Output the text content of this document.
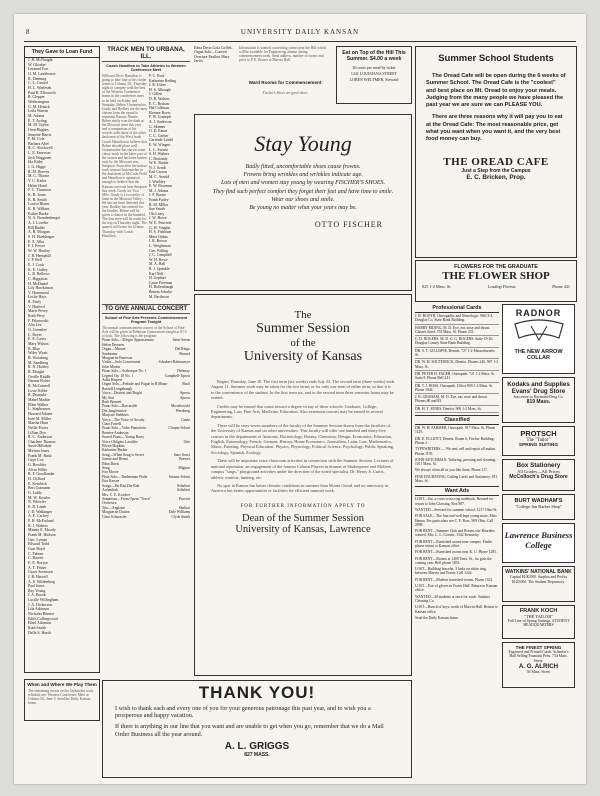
8	UNIVERSITY DAILY KANSAN
They Gave to Loan Fund
J. R. McNaught
W. Gloaker
Leonard Fort
O. M. Lautthouse
K. Denning
C. L. Custed
H. L. Warlesek
Paul B. Ellsworth
R. Clepper
Wetherington
G. M. Hetrick
Leila Warren
M. Adams
E. T. Acting
M. M. Taylor
Oren Hughes
Jennette Harris
P. M. Cole
Barbara Abel
R. C. Stockwell
L. E. Emerson
Jack Waggoner
Ida Kirby
J. G. Higgs
R. M. Reeves
M. C. Thorne
V. C. Kisler
Helen Hand
F. C. Thomson
K. R. Jones
K. R. Smith
Louise Blaser
K. R. Wilkins
Esther Burke
N. A. Brandenberger
A. J. Lovelin
Bill Budde
A. R. Morgan
S. H. Hoehlinger
E. E. Alba
F. I. Power
W. W. Hartley
J. R. Hemphill
J. F. Bell
E. J. Cook
K. E. Gulley
L. R. Bellows
C. Higgason
H. McDaniel
Lily Hawkinson
V. Hammond
Leslie Hays
R. Pusly
V. Harford
Marie Pevey
Ruth Perry
F. Pilarowski
Alta Lee
O. Greenlee
L. Royer
E. E. Casey
Mary Wilson
B. Blue
Wiley Wyatt
B. Woodring
M. Sandberg
R. N. Hartley
R. Ebright
Orville Riddle
Naoma Fisher
R. McConnell
Lowe Keller
R. Dismuke
Mabel Markle
Ellen Walker
L. Stephenson
Howard Adams
Ione M. Miller
Martha Hunt
Nellie Porter
Lillian Dye
R. C. Anderson
Charlene Thomas
Susie Hillsdale
Miriam Jones
Frank M. Rush
Gaye Cox
G. Bowlder
Alvin Hiller
B. F. Goodlander
D. Clifford
E. Kendrick
Bert Gutmann
G. Liddy
M. W. Kessler
N. Wheeler
E. R. Lamb
J. D. Walkinger
A. E. Carlsey
F. H. McFarland
B. J. Walters
Minnie E. Moody
Frank M. Hodson
Geo. Lyman
Edward Todd
Gust Boyd
C. Palmer
C. Barrett
E. E. Norton
A. T. Fisher
Grace Sorensen
J. B. Harvell
A. S. Wildenberg
Paul Jones
Ray Young
J. A. Brook
Lucille Willingham
J. A. Dickerson
Lila Atkinson
Nicholas Bitener
Edith Collingwood
Ethel Atkinson
Ruth Smith
Della S. Hursh
When and Where We Play Them
The remaining events on the Jayhawker track schedule are: Western Conference Meet at Urbana, Ill., June 5. Send the Daily Kansan home.
TRACK MEN TO URBANA, ILL.
Coach Hamilton to Take Athletes to Western Conference Meet
William Oliver Hamilton is going to take four of his cinder artists to Urbana, Ill., Thursday night to compete with the best of the Western Conference teams in the conference meet to be held on Friday and Saturday. Bebee, Grutzmacher, Grady and Rodkey are the men chosen from the squad to represent Kansas. Bernie Bebee easily won the dash at the Missouri meet this year and a comparison of his records with those of the other dash men of the West leads Coach Hamilton to believe that Bebee should place well. Grutzmacher has shown some classy work in the latter part of the season and has been beaten only by the Missouri star, Simpson. Soon after the indoor track season Grutzmacher in the dual meet at McCook Field and Hamilton is optimistic enough to believe that the Kansan can even beat Simpson this week. Grady for Two Mile. Grady is a two miler of fame in the Missouri Valley. He has not been defeated this year. Rodkey has entered for the hurdles. Bebee will be given a chance in the hundred. The four men will be ready for the trip on Thursday night. The quartet will leave for Urbana Thursday with Coach Hamilton.
P. C. Pack
Katherine Reding
J. R. Usher
H. S. Albaugh
J. Gillett
D. R. Walters
E. C. Brokaw
Hal Coffman
Eleanor Byers
F. W. Graneph
A. J. Anderson
G. Skinner
O. D. Eaton
C. C. Gerber
Gertrude Leidel
E. W. Wingert
L. L. Swartz
S. H. Walters
C. Bottomly
W. E. Barber
N. J. Arndt
Earl Carson
M. C. Arnold
J. Weekley
E. W. Bowman
M. J. Adams
J. F. Boone
Frank Farley
R. M. Miller
Sue Smith
Ola Leary
J. W. Howe
W. E. Pencival
G. W. Vaughn
H. S. Fishburn
Mina Ojibas
I. R. Brown
L. Weightman
Geo. Palling
J. C. Campbell
W. H. Rowe
M. A. Hall
R. J. Sprinkle
Karl Nelt
H. Gephart
Grace Freeman
H. Hollenbaugh
Beneta Schultz
M. Bertleson
TO GIVE ANNUAL CONCERT
School of Fine Arts Presents Commencement Program Tonight
The annual commencement concert of the School of Fine Arts will be given in Robinson Gymnasium tonight at 8:15 o'clock. The following is the program:
Piano Solo—Allegro Appassionato	Saint-Saens
Helen Dearsen
Organ—Minuet	Del Riego
Sunbeams	Renard
Marguerite Emerson
Violin—Solo Concertante	Schubert-Rahmoeyer
John Martin
Piano Solo—Arabesque No. 1	Debussy
Legend Op. 10 No. 1	Campbell-Tipton
Adda Herpert
Organ Solo—Prelude and Fugue in B Minor	Bach
Russell Longabaugh
Voice—Dearest and Bright	Spross
My Star	Spross
Ruth Bennett
Piano Solo—Barcarolle	Moszkowski
Die Jungfernitze	Wernberg
Marjorie Stebbins
Voice—The Voice of Arcady	Gaule
Clara Fowell
Piano Solo—Valse Pianoforte	Chopin-Schutt
Berniee Anderson
Sacred Piano—Young Harry
Voice Obligato Lavallee	Otte
Eileen Hopkins
Katharine Barber
Song—When Song is Sweet	Sans Souci
Jonnie and Benni	Brewer
Edna Davis
Song	Mignon
Ivia Moore
Flute Solo—Timberman Waltz	Strauss-Schutt
Etta Karsoe
Songs—Du Bist Die Ruh	Schubert
Aufenthalt	Schubert
Mrs. C. E. Kotcher
Samaritan—From Opera "Tosca"	Puccini
Orchestra
Trio—Anglaise	Shelton
Marguerite Dutton	Dale Williams
Clara Schuessler	Clyde Smith
Edna Davis Gola Coffelt. Organ Solo—Concert Overture Faulkes Mary Jarvis
Ward Rooms for Commencement
Information is wanted concerning rooms near the Hill which will be available for Engineering alumni during commencement week. Send address, number of rooms and price to P. E. Reaser at Marvin Hall.
Fischer's Shoes are good shoes
Eat on Top of the Hill This Summer. $4.00 a week
26 cents per meal by ticket
1241 LOUISIANA STREET
LOREN WELTMER, Steward
Stay Young
Badly fitted, uncomfortable shoes cause frowns.
Frowns bring wrinkles and wrinkles indicate age.
Lots of men and women stay young by wearing FISCHER'S SHOES.
They find such perfect comfort they forget their feet and have time to smile.
Wear our shoes and smile.
Be young no matter what your years may be.
OTTO FISCHER
The
Summer Session
of the
University of Kansas
Begins Thursday, June 10. The first term (six weeks) ends July 22. The second term (three weeks) ends August 11. Summer work may be taken for the two terms or for only one term of either term, so that it is to the convenience of the student. In the first term six, and in the second term three semester hours may be earned.
Credits may be earned that count toward a degree in any of these schools: Graduate, College, Engineering, Law, Fine Arts, Medicine, Education. Also extension courses may be earned in several departments.
There will be sixty-seven members of the faculty of the Summer Session drawn from the faculties of the University of Kansas and six other universities. This faculty will offer one hundred and thirty-five courses in the departments of Anatomy, Bacteriology, Botany, Chemistry, Design, Economics, Education, English, Entomology, French, German, History, Home Economics, Journalism, Latin, Law, Mathematics, Music, Painting, Physical Education, Physics, Physiology, Political Science, Psychology, Public Speaking, Sociology, Spanish, Zoology.
There will be important extra-classroom activities in connection with the Summer Session. Lectures of national reputation, an engagement of the famous Coburn Players in dramas of Shakespeare and Moliere, campus "sings," playground activities under the direction of the noted specialist, Dr. Henry S. Curtis, athletic contests, hunting, etc.
No spot in Kansas has better climatic conditions in summer than Mount Oread, and no university in America has better opportunities or facilities for efficient summer work.
FOR FURTHER INFORMATION APPLY TO
Dean of the Summer Session
University of Kansas, Lawrence
THANK YOU!
I wish to thank each and every one of you for your generous patronage this past year, and to wish you a prosperous and happy vacation.
If there is anything in our line that you want and are unable to get when you go, remember that we do a Mail Order Business all the year around.
A. L. GRIGGS
827 MASS.
Summer School Students
The Oread Cafe will be open during the 6 weeks of Summer School. The Oread Cafe is the "coolest" and best place on Mt. Oread to enjoy your meals. Judging from the many people we have pleased the past year we are sure we can PLEASE YOU.
There are three reasons why it will pay you to eat at the Oread Cafe: The most reasonable price, get what you want when you want it, and the very best food money can buy.
THE OREAD CAFE
Just a Step from the Campus
E. C. Bricken, Prop.
FLOWERS FOR THE GRADUATE
THE FLOWER SHOP
825 1-2 Mass. St.	Leading Florists	Phone 441
Professional Cards
J. R. BOOTH, Osteopathic and Neurologic. Bell 3-4, Douglas Co. State Bank Building.
HARRY RIDING, M. D. Eye, ear, nose and throat. Glasses fitted. 733 Mass. St. Phone 231.
C. D. ROGERS, M. D. G. G. ROGERS. Suite 19-20, Douglas County State Bank Building.
DR. S. T. GILLISPIE, Dentist. 727 1-2 Massachusetts St.
DR. W. H. SOUTHWICK, Dentist. Phones 246. 907 1-2 Mass. St.
DR. PETER H. FAGER, Osteopath. 721 1-2 Mass. St. Suite 8. Phone Bell 241.
DR. T. J. BOSS, Osteopath. Office 809 1-2 Mass. St. Phone 1044.
J. R. GRAHAM, M. D. Eye, ear, nose and throat. Phones 80 and 83.
DR. H. T. JONES, Dentist. 900 1-2 Mass. St.
Classified
DR. W. H. FARMER, Osteopath. 917 Mass. St. Phone 1129.
DR. E. ELLIOTT, Dentist. Room 6, Fischer Building. Phone 2.
TYPEWRITERS — We rent, sell and repair all makes. Phone 1195.
JOHN KETCHMAN, Tailoring, pressing and cleaning. 1011 Mass. St.
We always clean all as you like them. Phone 117.
FINE ENGRAVING, Calling Cards and Stationery. 811 Mass. St.
Want Ads
LOST—Sat. a cross-cross ring notebook. Reward for return to John Glossing, Box 807.
WANTED—Steward for summer school, 1217 Ohio St.
FOR SALE—The fine and well kept young mare, Miss Hanna. For particulars see C. F. Ross, 909 Ohio. Call 2099.
FOR RENT—Summer Club and Rooms site Boarders wanted. Mrs. L. L. Gorsett, 1342 Kentucky.
FOR RENT—Furnished rooms near campus. Finder please return to Kansan office.
FOR RENT—Furnished rooms near K. U. Phone 1285.
FOR RENT—Rooms at 1400 Tenn. St., for girls the coming year. Bell phone 1853.
LOST—Building bracelet, 3 links on white ring, between Marvin and Fraser. Call 1224.
FOR RENT—Modern furnished rooms. Phone 1021.
LOST—Pair of gloves in Fraser Hall. Return to Kansan office.
WANTED—20 students at once for work. Sanitary Cleaning Co.
LOST—Bunch of keys, north of Marvin Hall. Return to Kansan office.
Send the Daily Kansan home.
RADNOR
THE NEW ARROW COLLAR
Kodaks and Supplies
Evans' Drug Store
Successor to Raymond Drug Co.
819 Mass.
PROTSCH
The "Tailor"
SPRING SUITING
Box Stationery
All Grades—All Prices
McColloch's Drug Store
BURT WADHAM'S
"College Inn Barber Shop"
Lawrence Business College
WATKINS' NATIONAL BANK
Capital $100,000. Surplus and Profits $120,000. The Student Depository.
FRANK KOCH
"THE TAILOR"
Full Line of Spring Suitings. STUDENT HEADQUARTERS
THE FINEST SPRING
Engraved and Printed Cards. Schaefer's Hall Selling Fountain Pens. 734 Mass. Street.
A. G. ALRICH
94 Mass. Street
